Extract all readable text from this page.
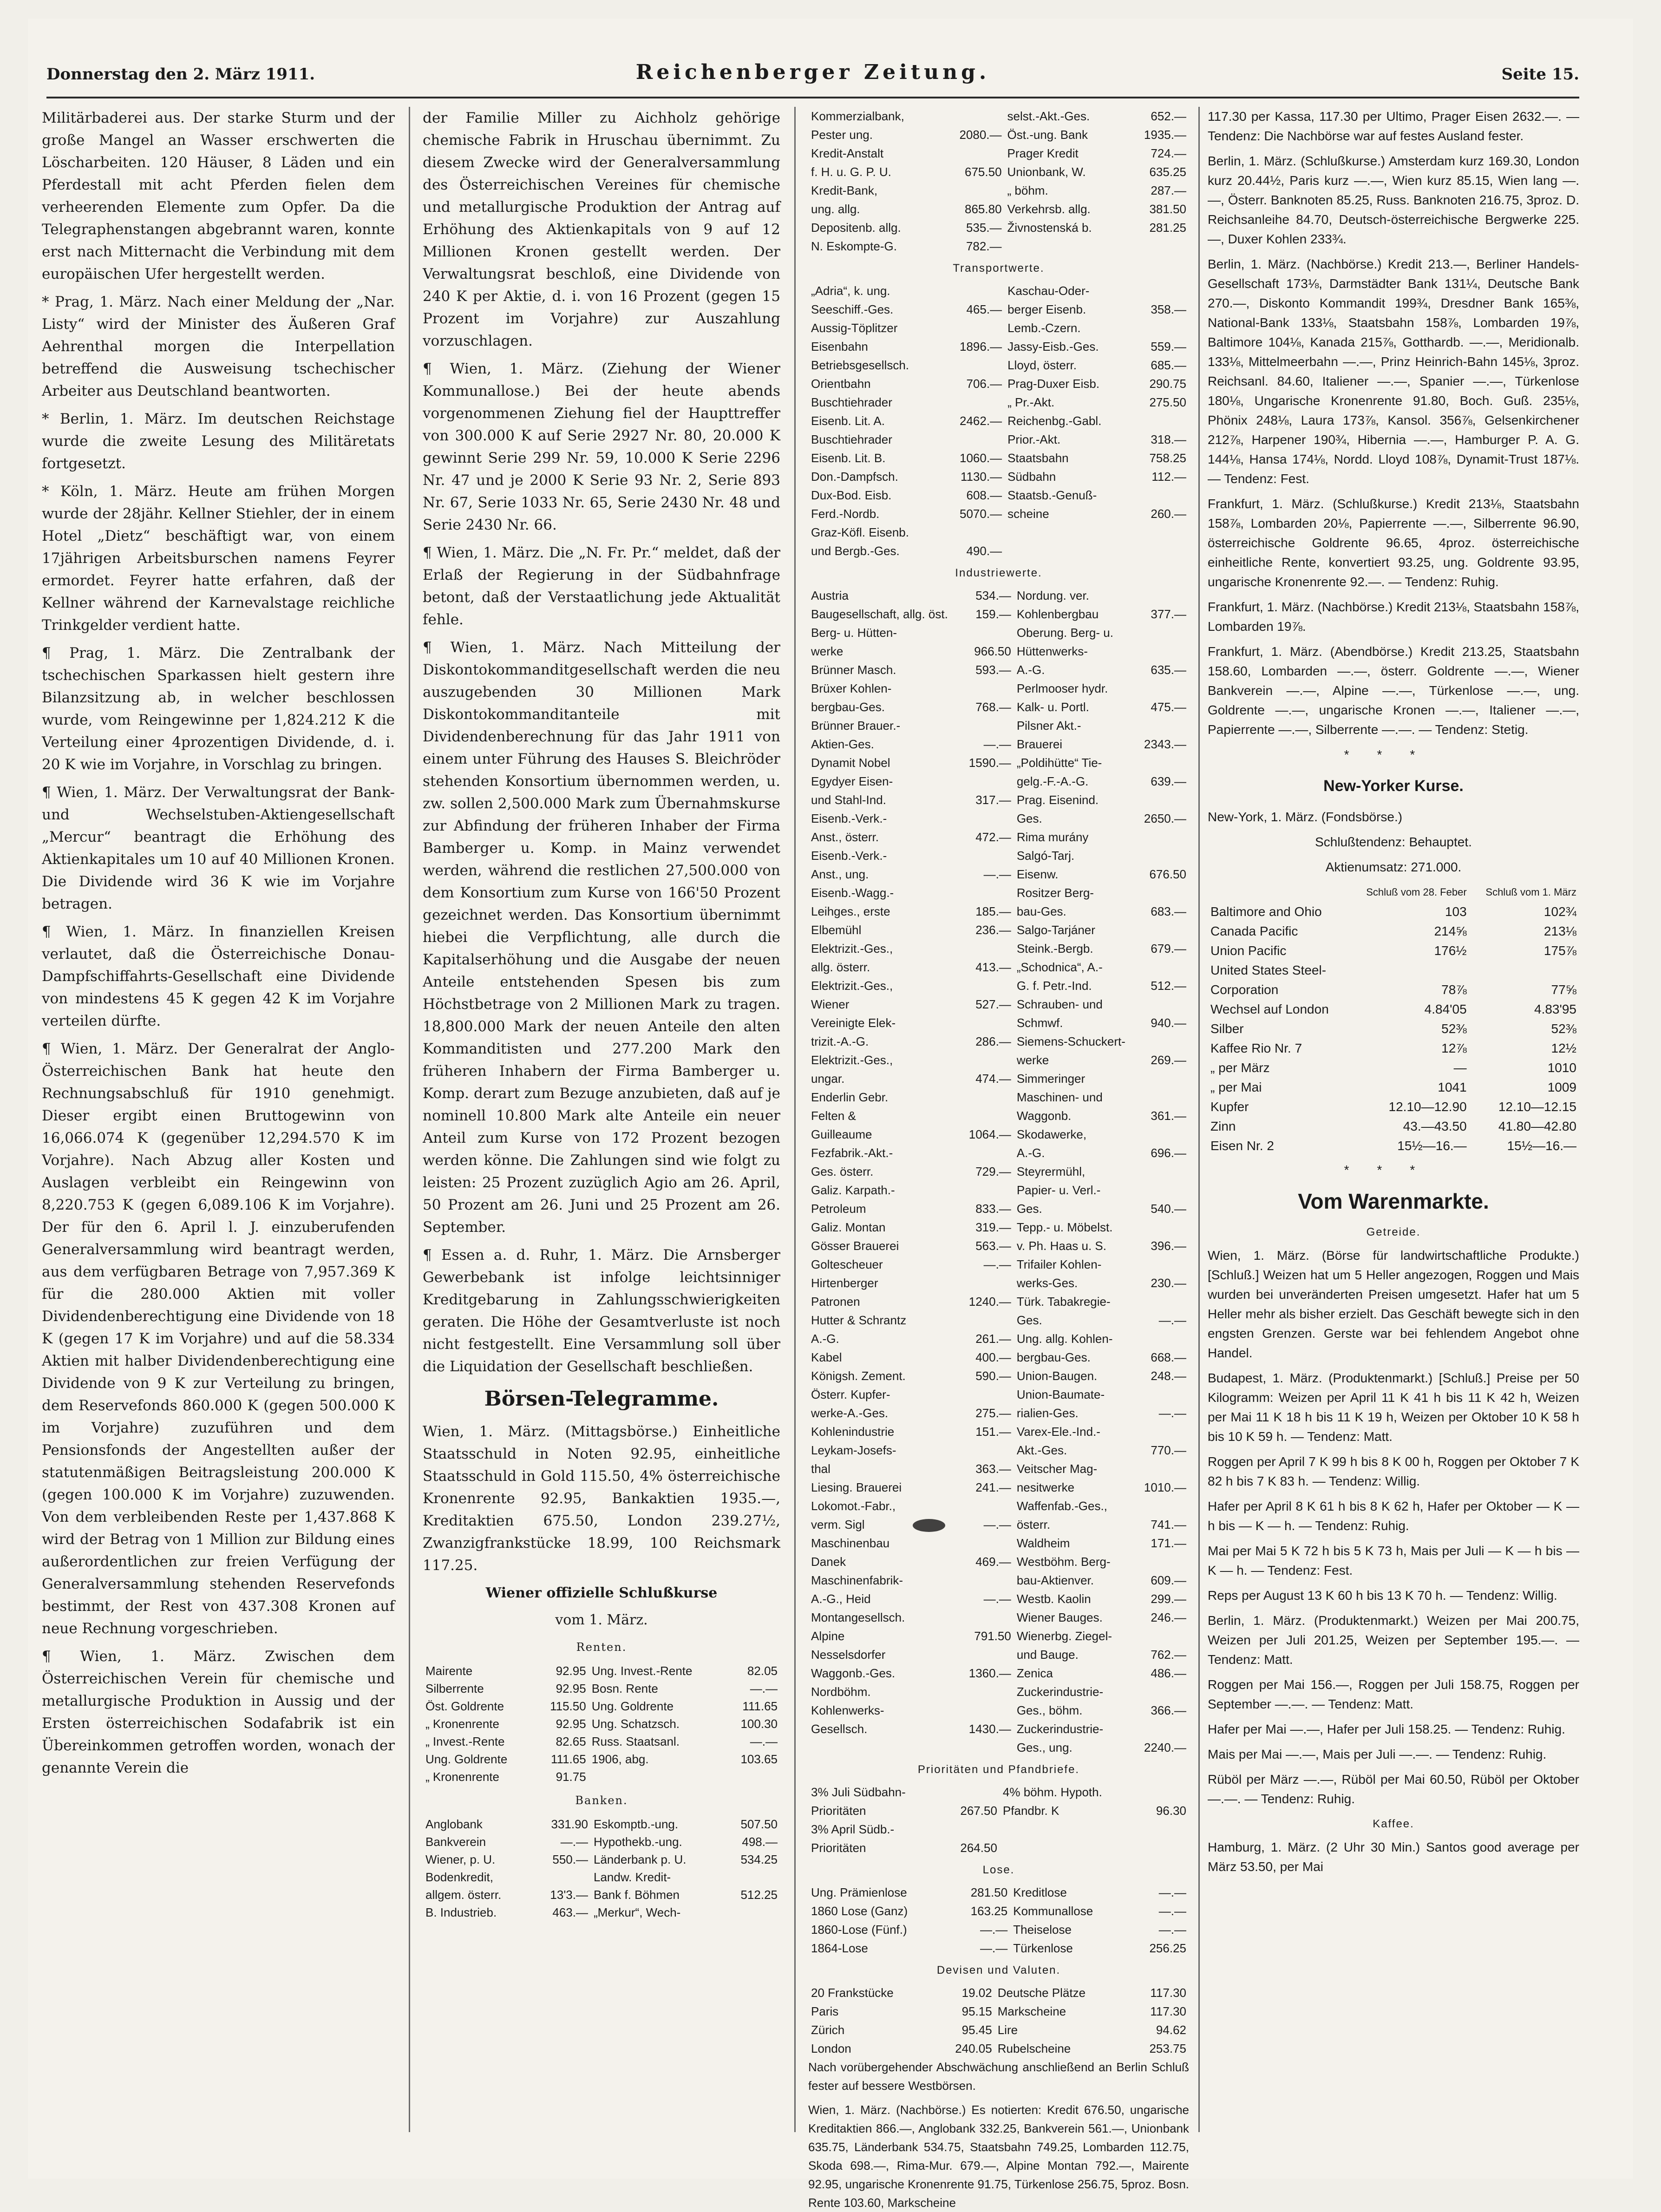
Donnerstag den 2. März 1911.	Reichenberger Zeitung.	Seite 15.

Militärbaderei aus. Der starke Sturm und der große Mangel an Wasser erschwerten die Löscharbeiten. 120 Häuser, 8 Läden und ein Pferdestall mit acht Pferden fielen dem verheerenden Elemente zum Opfer. Da die Telegraphenstangen abgebrannt waren, konnte erst nach Mitternacht die Verbindung mit dem europäischen Ufer hergestellt werden.

* Prag, 1. März. Nach einer Meldung der „Nar. Listy“ wird der Minister des Äußeren Graf Aehrenthal morgen die Interpellation betreffend die Ausweisung tschechischer Arbeiter aus Deutschland beantworten.

* Berlin, 1. März. Im deutschen Reichstage wurde die zweite Lesung des Militäretats fortgesetzt.

* Köln, 1. März. Heute am frühen Morgen wurde der 28jähr. Kellner Stiehler, der in einem Hotel „Dietz“ beschäftigt war, von einem 17jährigen Arbeitsburschen namens Feyrer ermordet. Feyrer hatte erfahren, daß der Kellner während der Karnevalstage reichliche Trinkgelder verdient hatte.

¶ Prag, 1. März. Die Zentralbank der tschechischen Sparkassen hielt gestern ihre Bilanzsitzung ab, in welcher beschlossen wurde, vom Reingewinne per 1,824.212 K die Verteilung einer 4prozentigen Dividende, d. i. 20 K wie im Vorjahre, in Vorschlag zu bringen.

¶ Wien, 1. März. Der Verwaltungsrat der Bank- und Wechselstuben-Aktiengesellschaft „Mercur“ beantragt die Erhöhung des Aktienkapitales um 10 auf 40 Millionen Kronen. Die Dividende wird 36 K wie im Vorjahre betragen.

¶ Wien, 1. März. In finanziellen Kreisen verlautet, daß die Österreichische Donau-Dampfschiffahrts-Gesellschaft eine Dividende von mindestens 45 K gegen 42 K im Vorjahre verteilen dürfte.

¶ Wien, 1. März. Der Generalrat der Anglo-Österreichischen Bank hat heute den Rechnungsabschluß für 1910 genehmigt. Dieser ergibt einen Bruttogewinn von 16,066.074 K (gegenüber 12,294.570 K im Vorjahre). Nach Abzug aller Kosten und Auslagen verbleibt ein Reingewinn von 8,220.753 K (gegen 6,089.106 K im Vorjahre). Der für den 6. April l. J. einzuberufenden Generalversammlung wird beantragt werden, aus dem verfügbaren Betrage von 7,957.369 K für die 280.000 Aktien mit voller Dividendenberechtigung eine Dividende von 18 K (gegen 17 K im Vorjahre) und auf die 58.334 Aktien mit halber Dividendenberechtigung eine Dividende von 9 K zur Verteilung zu bringen, dem Reservefonds 860.000 K (gegen 500.000 K im Vorjahre) zuzuführen und dem Pensionsfonds der Angestellten außer der statutenmäßigen Beitragsleistung 200.000 K (gegen 100.000 K im Vorjahre) zuzuwenden. Von dem verbleibenden Reste per 1,437.868 K wird der Betrag von 1 Million zur Bildung eines außerordentlichen zur freien Verfügung der Generalversammlung stehenden Reservefonds bestimmt, der Rest von 437.308 Kronen auf neue Rechnung vorgeschrieben.

¶ Wien, 1. März. Zwischen dem Österreichischen Verein für chemische und metallurgische Produktion in Aussig und der Ersten österreichischen Sodafabrik ist ein Übereinkommen getroffen worden, wonach der genannte Verein die

der Familie Miller zu Aichholz gehörige chemische Fabrik in Hruschau übernimmt. Zu diesem Zwecke wird der Generalversammlung des Österreichischen Vereines für chemische und metallurgische Produktion der Antrag auf Erhöhung des Aktienkapitals von 9 auf 12 Millionen Kronen gestellt werden. Der Verwaltungsrat beschloß, eine Dividende von 240 K per Aktie, d. i. von 16 Prozent (gegen 15 Prozent im Vorjahre) zur Auszahlung vorzuschlagen.

¶ Wien, 1. März. (Ziehung der Wiener Kommunallose.) Bei der heute abends vorgenommenen Ziehung fiel der Haupttreffer von 300.000 K auf Serie 2927 Nr. 80, 20.000 K gewinnt Serie 299 Nr. 59, 10.000 K Serie 2296 Nr. 47 und je 2000 K Serie 93 Nr. 2, Serie 893 Nr. 67, Serie 1033 Nr. 65, Serie 2430 Nr. 48 und Serie 2430 Nr. 66.

¶ Wien, 1. März. Die „N. Fr. Pr.“ meldet, daß der Erlaß der Regierung in der Südbahnfrage betont, daß der Verstaatlichung jede Aktualität fehle.

¶ Wien, 1. März. Nach Mitteilung der Diskontokommanditgesellschaft werden die neu auszugebenden 30 Millionen Mark Diskontokommanditanteile mit Dividendenberechnung für das Jahr 1911 von einem unter Führung des Hauses S. Bleichröder stehenden Konsortium übernommen werden, u. zw. sollen 2,500.000 Mark zum Übernahmskurse zur Abfindung der früheren Inhaber der Firma Bamberger u. Komp. in Mainz verwendet werden, während die restlichen 27,500.000 von dem Konsortium zum Kurse von 166'50 Prozent gezeichnet werden. Das Konsortium übernimmt hiebei die Verpflichtung, alle durch die Kapitalserhöhung und die Ausgabe der neuen Anteile entstehenden Spesen bis zum Höchstbetrage von 2 Millionen Mark zu tragen. 18,800.000 Mark der neuen Anteile den alten Kommanditisten und 277.200 Mark den früheren Inhabern der Firma Bamberger u. Komp. derart zum Bezuge anzubieten, daß auf je nominell 10.800 Mark alte Anteile ein neuer Anteil zum Kurse von 172 Prozent bezogen werden könne. Die Zahlungen sind wie folgt zu leisten: 25 Prozent zuzüglich Agio am 26. April, 50 Prozent am 26. Juni und 25 Prozent am 26. September.

¶ Essen a. d. Ruhr, 1. März. Die Arnsberger Gewerbebank ist infolge leichtsinniger Kreditgebarung in Zahlungsschwierigkeiten geraten. Die Höhe der Gesamtverluste ist noch nicht festgestellt. Eine Versammlung soll über die Liquidation der Gesellschaft beschließen.

Börsen-Telegramme.

Wien, 1. März. (Mittagsbörse.) Einheitliche Staatsschuld in Noten 92.95, einheitliche Staatsschuld in Gold 115.50, 4% österreichische Kronenrente 92.95, Bankaktien 1935.—, Kreditaktien 675.50, London 239.27½, Zwanzigfrankstücke 18.99, 100 Reichsmark 117.25.

Wiener offizielle Schlußkurse
vom 1. März.
Renten.
Mairente	92.95	Ung. Invest.-Rente	82.05
Silberrente	92.95	Bosn. Rente	—.—
Öst. Goldrente	115.50	Ung. Goldrente	111.65
„ Kronenrente	92.95	Ung. Schatzsch.	100.30
„ Invest.-Rente	82.65	Russ. Staatsanl.	—.—
Ung. Goldrente	111.65	1906, abg.	103.65
„ Kronenrente	91.75		
Banken.
Anglobank	331.90	Eskomptb.-ung.	507.50
Bankverein	—.—	Hypothekb.-ung.	498.—
Wiener, p. U.	550.—	Länderbank p. U.	534.25
Bodenkredit,		Landw. Kredit-	
allgem. österr.	13'3.—	Bank f. Böhmen	512.25
B. Industrieb.	463.—	„Merkur“, Wech-	
Kommerzialbank,		selst.-Akt.-Ges.	652.—
Pester ung.	2080.—	Öst.-ung. Bank	1935.—
Kredit-Anstalt		Prager Kredit	724.—
f. H. u. G. P. U.	675.50	Unionbank, W.	635.25
Kredit-Bank,		„ böhm.	287.—
ung. allg.	865.80	Verkehrsb. allg.	381.50
Depositenb. allg.	535.—	Živnostenská b.	281.25
N. Eskompte-G.	782.—		
Transportwerte.
„Adria“, k. ung.		Kaschau-Oder-	
Seeschiff.-Ges.	465.—	berger Eisenb.	358.—
Aussig-Töplitzer		Lemb.-Czern.	
Eisenbahn	1896.—	Jassy-Eisb.-Ges.	559.—
Betriebsgesellsch.		Lloyd, österr.	685.—
Orientbahn	706.—	Prag-Duxer Eisb.	290.75
Buschtiehrader		„ Pr.-Akt.	275.50
Eisenb. Lit. A.	2462.—	Reichenbg.-Gabl.	
Buschtiehrader		Prior.-Akt.	318.—
Eisenb. Lit. B.	1060.—	Staatsbahn	758.25
Don.-Dampfsch.	1130.—	Südbahn	112.—
Dux-Bod. Eisb.	608.—	Staatsb.-Genuß-	
Ferd.-Nordb.	5070.—	scheine	260.—
Graz-Köfl. Eisenb.			
und Bergb.-Ges.	490.—		
Industriewerte.
Austria	534.—	Nordung. ver.	
Baugesellschaft, allg. öst.	159.—	Kohlenbergbau	377.—
Berg- u. Hütten-		Oberung. Berg- u.	
werke	966.50	Hüttenwerks-	
Brünner Masch.	593.—	A.-G.	635.—
Brüxer Kohlen-		Perlmooser hydr.	
bergbau-Ges.	768.—	Kalk- u. Portl.	475.—
Brünner Brauer.-		Pilsner Akt.-	
Aktien-Ges.	—.—	Brauerei	2343.—
Dynamit Nobel	1590.—	„Poldihütte“ Tie-	
Egydyer Eisen-		gelg.-F.-A.-G.	639.—
und Stahl-Ind.	317.—	Prag. Eisenind.	
Eisenb.-Verk.-		Ges.	2650.—
Anst., österr.	472.—	Rima murány	
Eisenb.-Verk.-		Salgó-Tarj.	
Anst., ung.	—.—	Eisenw.	676.50
Eisenb.-Wagg.-		Rositzer Berg-	
Leihges., erste	185.—	bau-Ges.	683.—
Elbemühl	236.—	Salgo-Tarjáner	
Elektrizit.-Ges.,		Steink.-Bergb.	679.—
allg. österr.	413.—	„Schodnica“, A.-	
Elektrizit.-Ges.,		G. f. Petr.-Ind.	512.—
Wiener	527.—	Schrauben- und	
Vereinigte Elek-		Schmwf.	940.—
trizit.-A.-G.	286.—	Siemens-Schuckert-	
Elektrizit.-Ges.,		werke	269.—
ungar.	474.—	Simmeringer	
Enderlin Gebr.		Maschinen- und	
Felten &		Waggonb.	361.—
Guilleaume	1064.—	Skodawerke,	
Fezfabrik.-Akt.-		A.-G.	696.—
Ges. österr.	729.—	Steyrermühl,	
Galiz. Karpath.-		Papier- u. Verl.-	
Petroleum	833.—	Ges.	540.—
Galiz. Montan	319.—	Tepp.- u. Möbelst.	
Gösser Brauerei	563.—	v. Ph. Haas u. S.	396.—
Goltescheuer	—.—	Trifailer Kohlen-	
Hirtenberger		werks-Ges.	230.—
Patronen	1240.—	Türk. Tabakregie-	
Hutter & Schrantz		Ges.	—.—
A.-G.	261.—	Ung. allg. Kohlen-	
Kabel	400.—	bergbau-Ges.	668.—
Königsh. Zement.	590.—	Union-Baugen.	248.—
Österr. Kupfer-		Union-Baumate-	
werke-A.-Ges.	275.—	rialien-Ges.	—.—
Kohlenindustrie	151.—	Varex-Ele.-Ind.-	
Leykam-Josefs-		Akt.-Ges.	770.—
thal	363.—	Veitscher Mag-	
Liesing. Brauerei	241.—	nesitwerke	1010.—
Lokomot.-Fabr.,		Waffenfab.-Ges.,	
verm. Sigl	—.—	österr.	741.—
Maschinenbau		Waldheim	171.—
Danek	469.—	Westböhm. Berg-	
Maschinenfabrik-		bau-Aktienver.	609.—
A.-G., Heid	—.—	Westb. Kaolin	299.—
Montangesellsch.		Wiener Bauges.	246.—
Alpine	791.50	Wienerbg. Ziegel-	
Nesselsdorfer		und Bauge.	762.—
Waggonb.-Ges.	1360.—	Zenica	486.—
Nordböhm.		Zuckerindustrie-	
Kohlenwerks-		Ges., böhm.	366.—
Gesellsch.	1430.—	Zuckerindustrie-	
		Ges., ung.	2240.—
Prioritäten und Pfandbriefe.
3% Juli Südbahn-		4% böhm. Hypoth.	
Prioritäten	267.50	Pfandbr. K	96.30
3% April Südb.-			
Prioritäten	264.50		
Lose.
Ung. Prämienlose	281.50	Kreditlose	—.—
1860 Lose (Ganz)	163.25	Kommunallose	—.—
1860-Lose (Fünf.)	—.—	Theiselose	—.—
1864-Lose	—.—	Türkenlose	256.25
Devisen und Valuten.
20 Frankstücke	19.02	Deutsche Plätze	117.30
Paris	95.15	Markscheine	117.30
Zürich	95.45	Lire	94.62
London	240.05	Rubelscheine	253.75

Nach vorübergehender Abschwächung anschließend an Berlin Schluß fester auf bessere Westbörsen.

Wien, 1. März. (Nachbörse.) Es notierten: Kredit 676.50, ungarische Kreditaktien 866.—, Anglobank 332.25, Bankverein 561.—, Unionbank 635.75, Länderbank 534.75, Staatsbahn 749.25, Lombarden 112.75, Skoda 698.—, Rima-Mur. 679.—, Alpine Montan 792.—, Mairente 92.95, ungarische Kronenrente 91.75, Türkenlose 256.75, 5proz. Bosn. Rente 103.60, Markscheine

117.30 per Kassa, 117.30 per Ultimo, Prager Eisen 2632.—. — Tendenz: Die Nachbörse war auf festes Ausland fester.

Berlin, 1. März. (Schlußkurse.) Amsterdam kurz 169.30, London kurz 20.44½, Paris kurz —.—, Wien kurz 85.15, Wien lang —.—, Österr. Banknoten 85.25, Russ. Banknoten 216.75, 3proz. D. Reichsanleihe 84.70, Deutsch-österreichische Bergwerke 225.—, Duxer Kohlen 233¾.

Berlin, 1. März. (Nachbörse.) Kredit 213.—, Berliner Handels-Gesellschaft 173⅛, Darmstädter Bank 131¼, Deutsche Bank 270.—, Diskonto Kommandit 199¾, Dresdner Bank 165⅜, National-Bank 133⅛, Staatsbahn 158⅞, Lombarden 19⅞, Baltimore 104⅛, Kanada 215⅞, Gotthardb. —.—, Meridionalb. 133⅛, Mittelmeerbahn —.—, Prinz Heinrich-Bahn 145⅛, 3proz. Reichsanl. 84.60, Italiener —.—, Spanier —.—, Türkenlose 180⅛, Ungarische Kronenrente 91.80, Boch. Guß. 235⅛, Phönix 248⅛, Laura 173⅞, Kansol. 356⅞, Gelsenkirchener 212⅞, Harpener 190¾, Hibernia —.—, Hamburger P. A. G. 144⅛, Hansa 174⅛, Nordd. Lloyd 108⅞, Dynamit-Trust 187⅛. — Tendenz: Fest.

Frankfurt, 1. März. (Schlußkurse.) Kredit 213⅛, Staatsbahn 158⅞, Lombarden 20⅛, Papierrente —.—, Silberrente 96.90, österreichische Goldrente 96.65, 4proz. österreichische einheitliche Rente, konvertiert 93.25, ung. Goldrente 93.95, ungarische Kronenrente 92.—. — Tendenz: Ruhig.

Frankfurt, 1. März. (Nachbörse.) Kredit 213⅛, Staatsbahn 158⅞, Lombarden 19⅞.

Frankfurt, 1. März. (Abendbörse.) Kredit 213.25, Staatsbahn 158.60, Lombarden —.—, österr. Goldrente —.—, Wiener Bankverein —.—, Alpine —.—, Türkenlose —.—, ung. Goldrente —.—, ungarische Kronen —.—, Italiener —.—, Papierrente —.—, Silberrente —.—. — Tendenz: Stetig.

***
New-Yorker Kurse.

New-York, 1. März. (Fondsbörse.)

Schlußtendenz: Behauptet.

Aktienumsatz: 271.000.

	Schluß vom 28. Feber	Schluß vom 1. März
Baltimore and Ohio	103	102¾
Canada Pacific	214⅝	213⅛
Union Pacific	176½	175⅞
United States Steel-		
Corporation	78⅞	77⅝
Wechsel auf London	4.84'05	4.83'95
Silber	52⅜	52⅜
Kaffee Rio Nr. 7	12⅞	12½
„ per März	—	1010
„ per Mai	1041	1009
Kupfer	12.10—12.90	12.10—12.15
Zinn	43.—43.50	41.80—42.80
Eisen Nr. 2	15½—16.—	15½—16.—
***
Vom Warenmarkte.
Getreide.

Wien, 1. März. (Börse für landwirtschaftliche Produkte.) [Schluß.] Weizen hat um 5 Heller angezogen, Roggen und Mais wurden bei unveränderten Preisen umgesetzt. Hafer hat um 5 Heller mehr als bisher erzielt. Das Geschäft bewegte sich in den engsten Grenzen. Gerste war bei fehlendem Angebot ohne Handel.

Budapest, 1. März. (Produktenmarkt.) [Schluß.] Preise per 50 Kilogramm: Weizen per April 11 K 41 h bis 11 K 42 h, Weizen per Mai 11 K 18 h bis 11 K 19 h, Weizen per Oktober 10 K 58 h bis 10 K 59 h. — Tendenz: Matt.

Roggen per April 7 K 99 h bis 8 K 00 h, Roggen per Oktober 7 K 82 h bis 7 K 83 h. — Tendenz: Willig.

Hafer per April 8 K 61 h bis 8 K 62 h, Hafer per Oktober — K — h bis — K — h. — Tendenz: Ruhig.

Mai per Mai 5 K 72 h bis 5 K 73 h, Mais per Juli — K — h bis — K — h. — Tendenz: Fest.

Reps per August 13 K 60 h bis 13 K 70 h. — Tendenz: Willig.

Berlin, 1. März. (Produktenmarkt.) Weizen per Mai 200.75, Weizen per Juli 201.25, Weizen per September 195.—. — Tendenz: Matt.

Roggen per Mai 156.—, Roggen per Juli 158.75, Roggen per September —.—. — Tendenz: Matt.

Hafer per Mai —.—, Hafer per Juli 158.25. — Tendenz: Ruhig.

Mais per Mai —.—, Mais per Juli —.—. — Tendenz: Ruhig.

Rüböl per März —.—, Rüböl per Mai 60.50, Rüböl per Oktober —.—. — Tendenz: Ruhig.

Kaffee.

Hamburg, 1. März. (2 Uhr 30 Min.) Santos good average per März 53.50, per Mai
